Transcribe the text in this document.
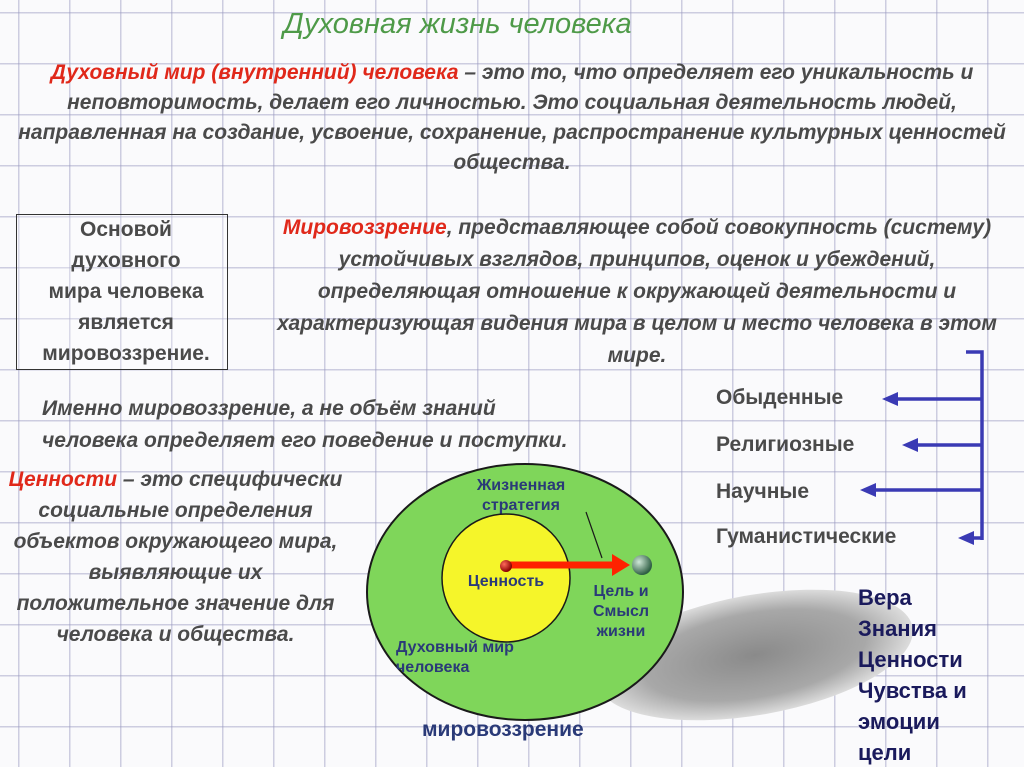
Духовная жизнь человека
Духовный мир (внутренний) человека – это то, что определяет его уникальность и неповторимость, делает его личностью. Это социальная деятельность людей, направленная на создание, усвоение, сохранение, распространение культурных ценностей общества.
Основой
духовного
мира человека
является
мировоззрение.
Мировоззрение, представляющее собой совокупность (систему) устойчивых взглядов, принципов, оценок и убеждений, определяющая отношение к окружающей деятельности и характеризующая видения мира в целом и место человека в этом мире.
Именно мировоззрение, а не объём знаний
человека определяет его поведение и поступки.
Ценности – это специфически социальные определения объектов окружающего мира, выявляющие их положительное значение для человека и общества.
Обыденные
Религиозные
Научные
Гуманистические
Жизненная
стратегия
Ценность
Цель и
Смысл
жизни
Духовный мир
человека
мировоззрение
Вера
Знания
Ценности
Чувства и
эмоции
цели
